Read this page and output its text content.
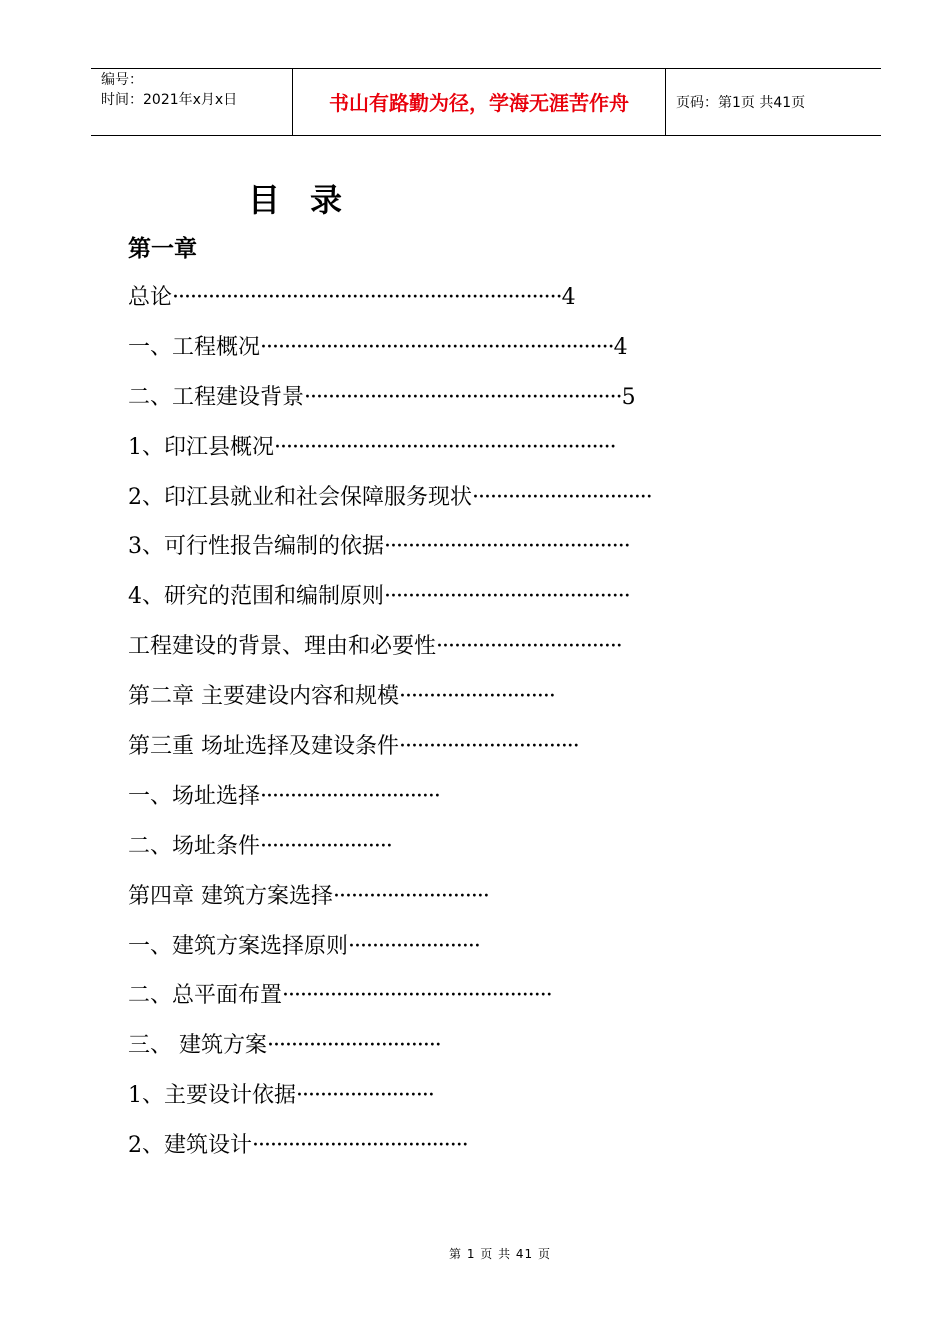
编号：
时间：2021年x月x日	书山有路勤为径，学海无涯苦作舟	页码：第1页 共41页
目录
第一章
总论·································································4
一、工程概况···························································4
二、工程建设背景·····················································5
1、印江县概况·························································
2、印江县就业和社会保障服务现状······························
3、可行性报告编制的依据·········································
4、研究的范围和编制原则·········································
工程建设的背景、理由和必要性·······························
第二章 主要建设内容和规模··························
第三重 场址选择及建设条件······························
一、场址选择······························
二、场址条件······················
第四章 建筑方案选择··························
一、建筑方案选择原则······················
二、总平面布置·············································
三、 建筑方案·····························
1、主要设计依据·······················
2、建筑设计····································
第 1 页 共 41 页
